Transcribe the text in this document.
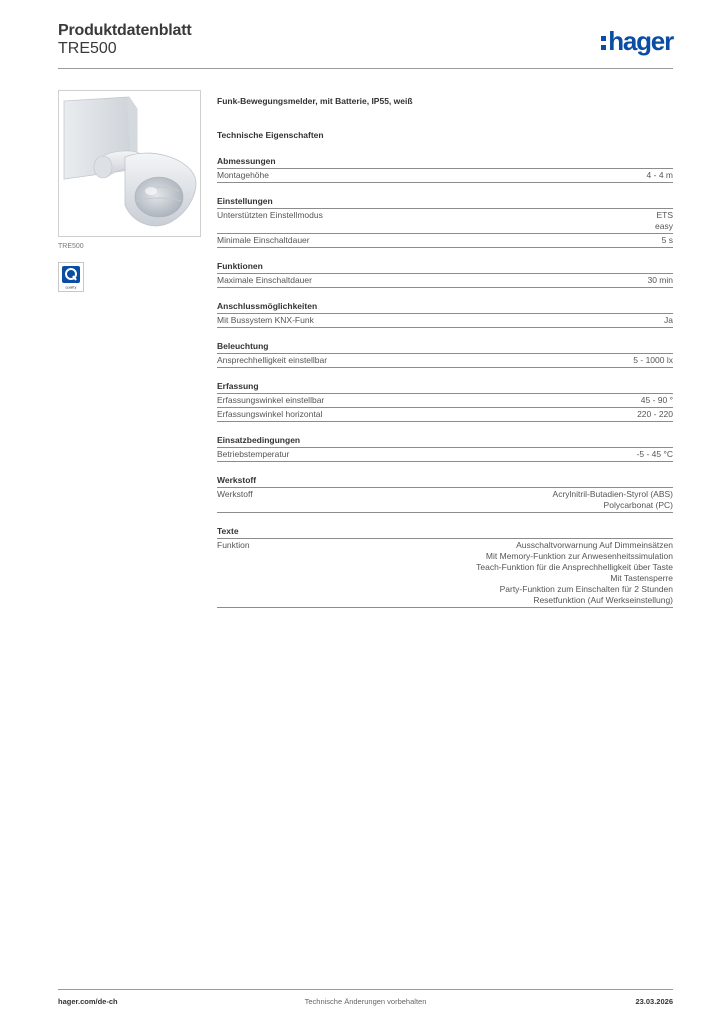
Produktdatenblatt
TRE500	hager
TRE500
quality
Funk-Bewegungsmelder, mit Batterie, IP55, weiß
Technische Eigenschaften
Abmessungen
Montagehöhe	4 - 4 m
Einstellungen
Unterstützten Einstellmodus	ETS
easy
Minimale Einschaltdauer	5 s
Funktionen
Maximale Einschaltdauer	30 min
Anschlussmöglichkeiten
Mit Bussystem KNX-Funk	Ja
Beleuchtung
Ansprechhelligkeit einstellbar	5 - 1000 lx
Erfassung
Erfassungswinkel einstellbar	45 - 90 °
Erfassungswinkel horizontal	220 - 220
Einsatzbedingungen
Betriebstemperatur	-5 - 45 °C
Werkstoff
Werkstoff	Acrylnitril-Butadien-Styrol (ABS)
Polycarbonat (PC)
Texte
Funktion	Ausschaltvorwarnung Auf Dimmeinsätzen
Mit Memory-Funktion zur Anwesenheitssimulation
Teach-Funktion für die Ansprechhelligkeit über Taste
Mit Tastensperre
Party-Funktion zum Einschalten für 2 Stunden
Resetfunktion (Auf Werkseinstellung)
hager.com/de-ch	Technische Änderungen vorbehalten	23.03.2026
